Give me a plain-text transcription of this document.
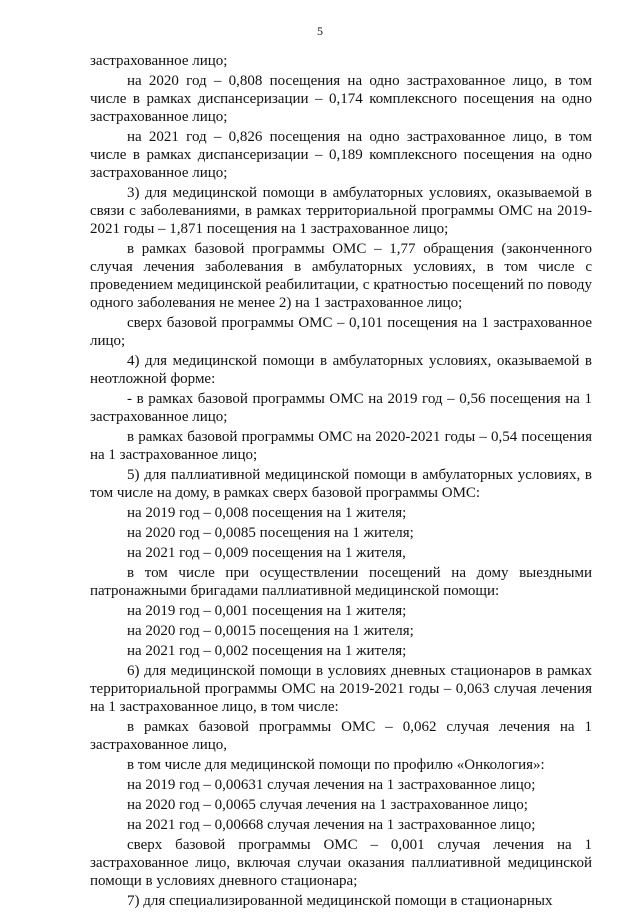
5

застрахованное лицо;

на 2020 год – 0,808 посещения на одно застрахованное лицо, в том числе в рамках диспансеризации – 0,174 комплексного посещения на одно застрахованное лицо;

на 2021 год – 0,826 посещения на одно застрахованное лицо, в том числе в рамках диспансеризации – 0,189 комплексного посещения на одно застрахованное лицо;

3) для медицинской помощи в амбулаторных условиях, оказываемой в связи с заболеваниями, в рамках территориальной программы ОМС на 2019-2021 годы – 1,871 посещения на 1 застрахованное лицо;

в рамках базовой программы ОМС – 1,77 обращения (законченного случая лечения заболевания в амбулаторных условиях, в том числе с проведением медицинской реабилитации, с кратностью посещений по поводу одного заболевания не менее 2) на 1 застрахованное лицо;

сверх базовой программы ОМС – 0,101 посещения на 1 застрахованное лицо;

4) для медицинской помощи в амбулаторных условиях, оказываемой в неотложной форме:

- в рамках базовой программы ОМС на 2019 год – 0,56 посещения на 1 застрахованное лицо;

в рамках базовой программы ОМС на 2020-2021 годы – 0,54 посещения на 1 застрахованное лицо;

5) для паллиативной медицинской помощи в амбулаторных условиях, в том числе на дому, в рамках сверх базовой программы ОМС:

на 2019 год – 0,008 посещения на 1 жителя;

на 2020 год – 0,0085 посещения на 1 жителя;

на 2021 год – 0,009 посещения на 1 жителя,

в том числе при осуществлении посещений на дому выездными патронажными бригадами паллиативной медицинской помощи:

на 2019 год – 0,001 посещения на 1 жителя;

на 2020 год – 0,0015 посещения на 1 жителя;

на 2021 год – 0,002 посещения на 1 жителя;

6) для медицинской помощи в условиях дневных стационаров в рамках территориальной программы ОМС на 2019-2021 годы – 0,063 случая лечения на 1 застрахованное лицо, в том числе:

в рамках базовой программы ОМС – 0,062 случая лечения на 1 застрахованное лицо,

в том числе для медицинской помощи по профилю «Онкология»:

на 2019 год – 0,00631 случая лечения на 1 застрахованное лицо;

на 2020 год – 0,0065 случая лечения на 1 застрахованное лицо;

на 2021 год – 0,00668 случая лечения на 1 застрахованное лицо;

сверх базовой программы ОМС – 0,001 случая лечения на 1 застрахованное лицо, включая случаи оказания паллиативной медицинской помощи в условиях дневного стационара;

7) для специализированной медицинской помощи в стационарных
